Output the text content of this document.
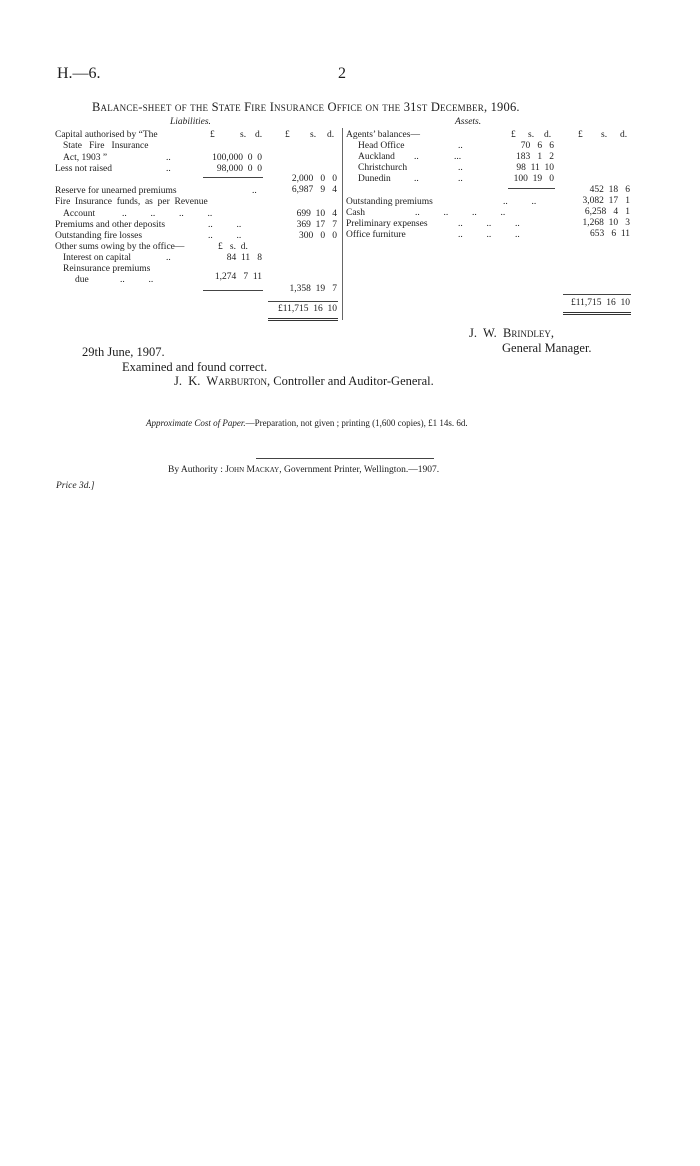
H.—6.	2
Balance-sheet of the State Fire Insurance Office on the 31st December, 1906.
Liabilities.
Capital authorised by “The	£	s. d. £ s. d.
State   Fire   Insurance
Act, 1903 ”	..	100,000  0  0
Less not raised	..	98,000  0  0
2,000   0   0
Reserve for unearned premiums	..	6,987   9   4
Fire  Insurance  funds,  as  per  Revenue
Account	..          ..          ..          ..	699  10   4
Premiums and other deposits	..          ..	369  17   7
Outstanding fire losses	..          ..	300   0   0
Other sums owing by the office—	£   s.  d.
Interest on capital	..	84  11   8
Reinsurance premiums
due	..          ..	1,274   7  11
1,358  19   7
£11,715  16  10
Assets.
Agents’ balances—	£ s. d.	£ s. d.
Head Office	..	70   6   6
Auckland ..	...	183   1   2
Christchurch	..	98  11  10
Dunedin ..	..	100  19   0
452  18   6
Outstanding premiums	..          ..	3,082  17   1
Cash	..          ..          ..          ..	6,258   4   1
Preliminary expenses	..          ..          ..	1,268  10   3
Office furniture	..          ..          ..	653   6  11
£11,715  16  10
J.  W.  Brindley,
General Manager.
29th June, 1907.
Examined and found correct.
J.  K.  Warburton, Controller and Auditor-General.
Approximate Cost of Paper.—Preparation, not given ; printing (1,600 copies), £1 14s. 6d.
By Authority : John Mackay, Government Printer, Wellington.—1907.
Price 3d.]
